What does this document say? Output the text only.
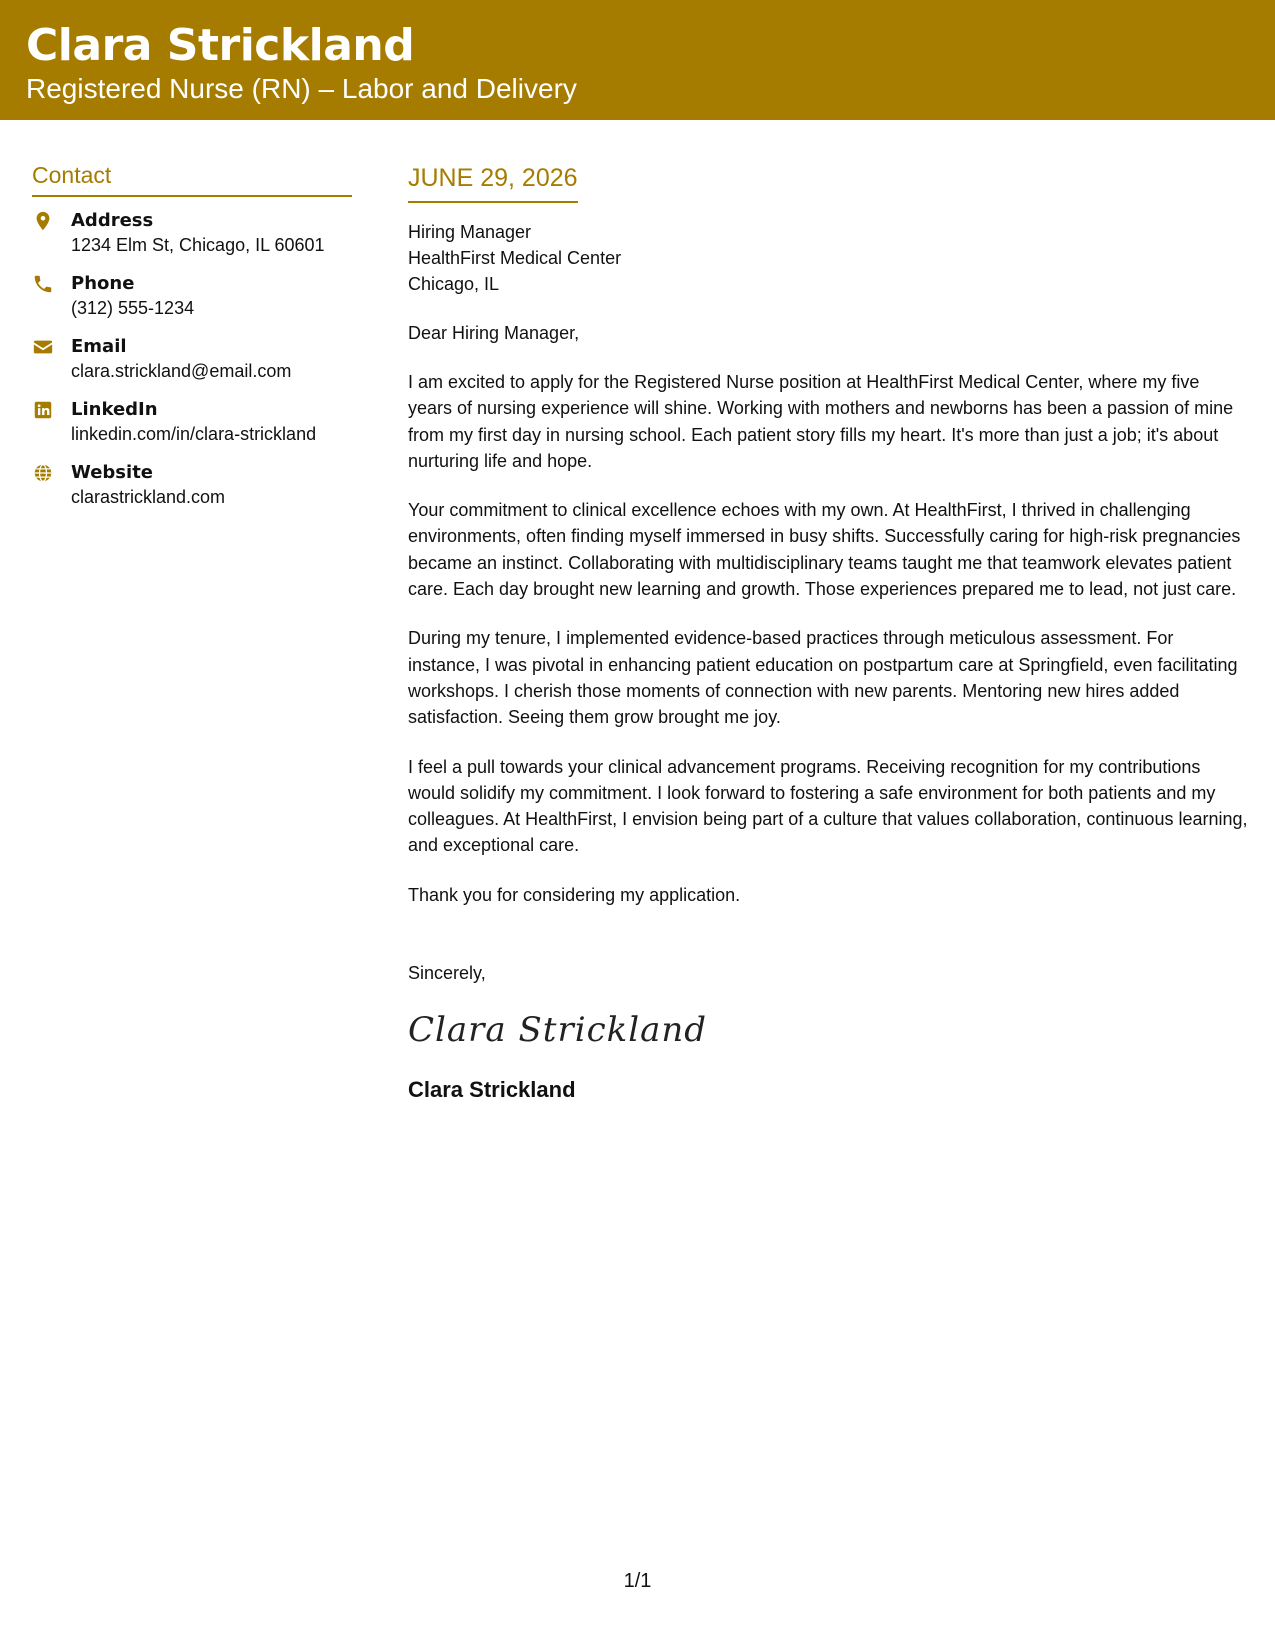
Clara Strickland
Registered Nurse (RN) – Labor and Delivery
Contact
Address
1234 Elm St, Chicago, IL 60601
Phone
(312) 555-1234
Email
clara.strickland@email.com
LinkedIn
linkedin.com/in/clara-strickland
Website
clarastrickland.com
JUNE 29, 2026
Hiring Manager
HealthFirst Medical Center
Chicago, IL
Dear Hiring Manager,

I am excited to apply for the Registered Nurse position at HealthFirst Medical Center, where my five years of nursing experience will shine. Working with mothers and newborns has been a passion of mine from my first day in nursing school. Each patient story fills my heart. It's more than just a job; it's about nurturing life and hope.

Your commitment to clinical excellence echoes with my own. At HealthFirst, I thrived in challenging environments, often finding myself immersed in busy shifts. Successfully caring for high-risk pregnancies became an instinct. Collaborating with multidisciplinary teams taught me that teamwork elevates patient care. Each day brought new learning and growth. Those experiences prepared me to lead, not just care.

During my tenure, I implemented evidence-based practices through meticulous assessment. For instance, I was pivotal in enhancing patient education on postpartum care at Springfield, even facilitating workshops. I cherish those moments of connection with new parents. Mentoring new hires added satisfaction. Seeing them grow brought me joy.

I feel a pull towards your clinical advancement programs. Receiving recognition for my contributions would solidify my commitment. I look forward to fostering a safe environment for both patients and my colleagues. At HealthFirst, I envision being part of a culture that values collaboration, continuous learning, and exceptional care.

Thank you for considering my application.
Sincerely,
Clara Strickland
Clara Strickland
1/1
